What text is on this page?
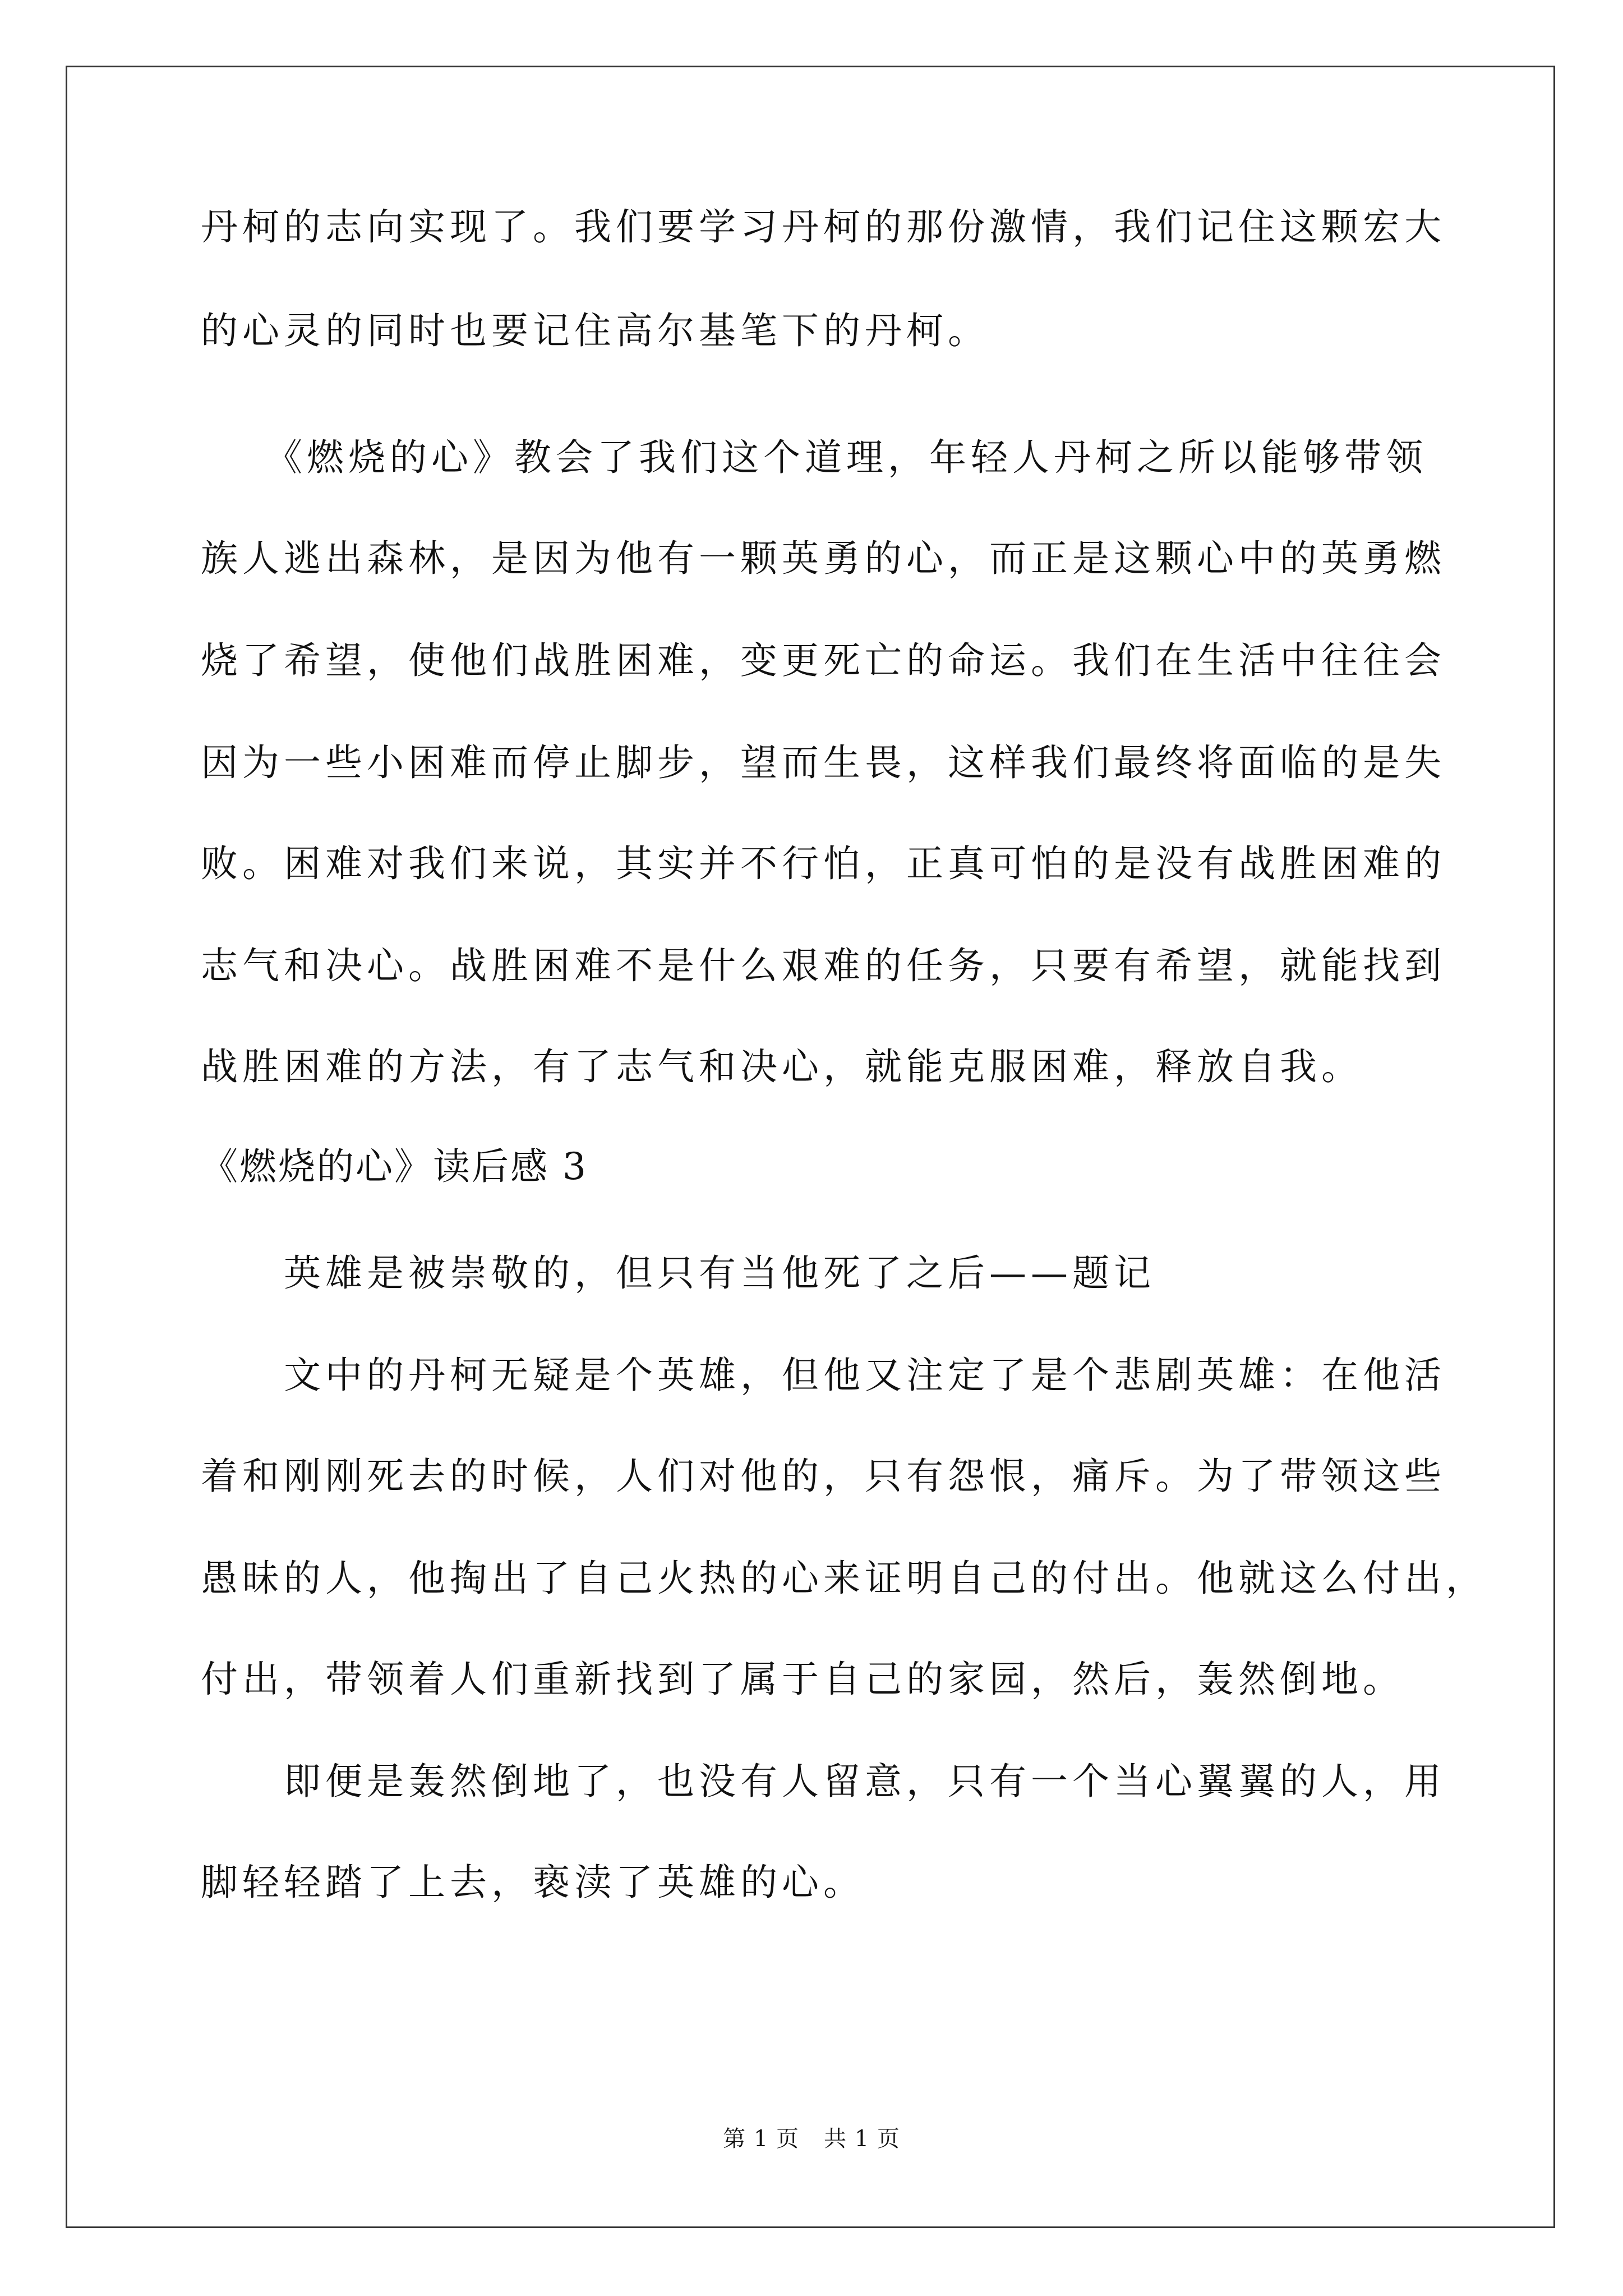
丹柯的志向实现了。我们要学习丹柯的那份激情，我们记住这颗宏大
的心灵的同时也要记住高尔基笔下的丹柯。
　　《燃烧的心》教会了我们这个道理，年轻人丹柯之所以能够带领
族人逃出森林，是因为他有一颗英勇的心，而正是这颗心中的英勇燃
烧了希望，使他们战胜困难，变更死亡的命运。我们在生活中往往会
因为一些小困难而停止脚步，望而生畏，这样我们最终将面临的是失
败。困难对我们来说，其实并不行怕，正真可怕的是没有战胜困难的
志气和决心。战胜困难不是什么艰难的任务，只要有希望，就能找到
战胜困难的方法，有了志气和决心，就能克服困难，释放自我。
《燃烧的心》读后感 3
　　英雄是被崇敬的，但只有当他死了之后——题记
　　文中的丹柯无疑是个英雄，但他又注定了是个悲剧英雄：在他活
着和刚刚死去的时候，人们对他的，只有怨恨，痛斥。为了带领这些
愚昧的人，他掏出了自己火热的心来证明自己的付出。他就这么付出，
付出，带领着人们重新找到了属于自己的家园，然后，轰然倒地。
　　即便是轰然倒地了，也没有人留意，只有一个当心翼翼的人，用
脚轻轻踏了上去，亵渎了英雄的心。
第 1 页 共 1 页
